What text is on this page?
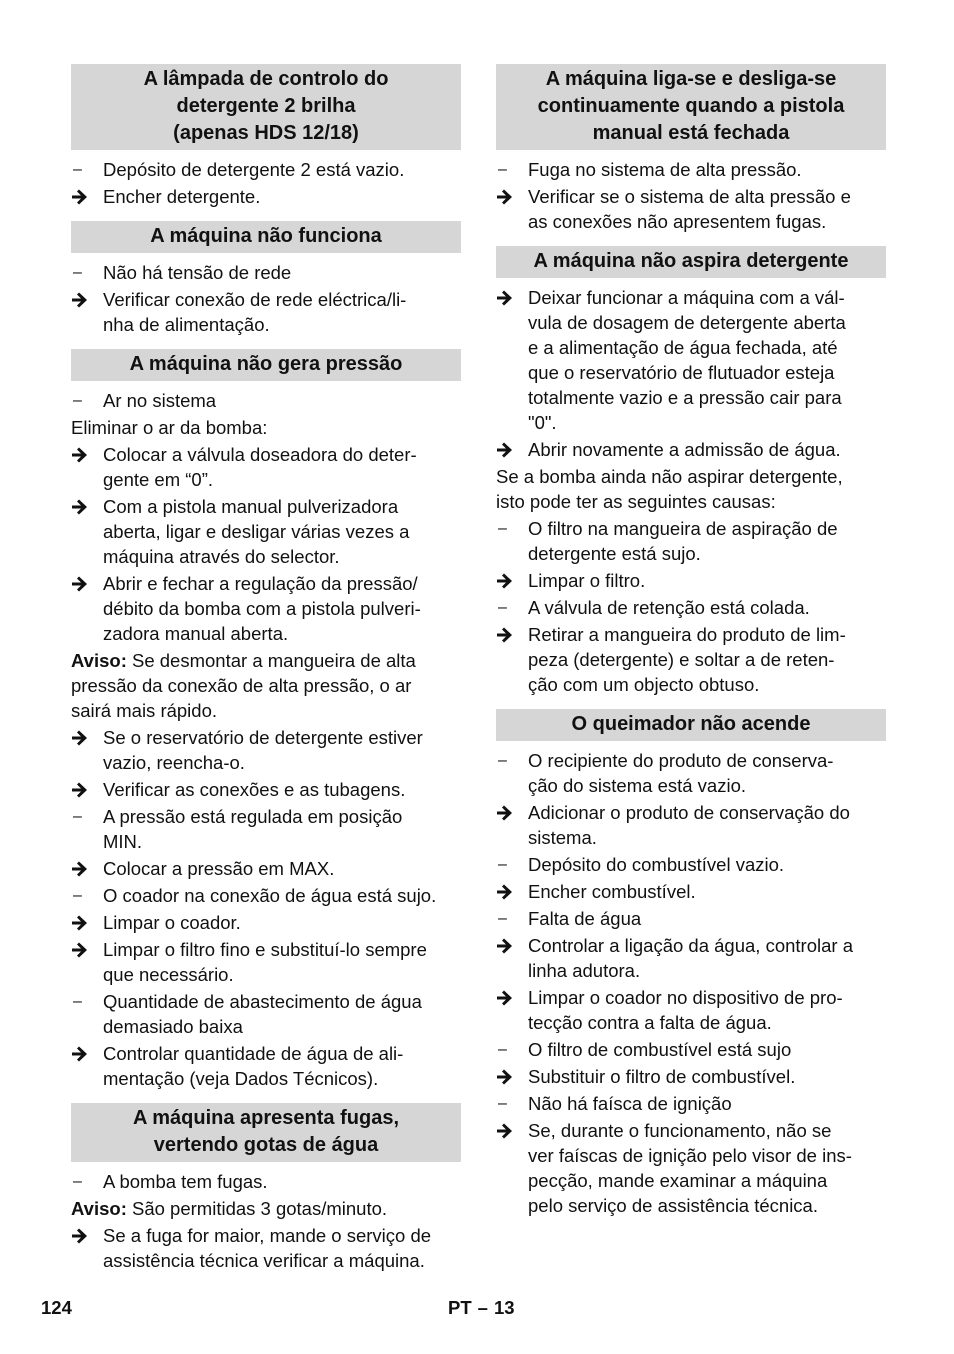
A lâmpada de controlo do
detergente 2 brilha
(apenas HDS 12/18)
–	Depósito de detergente 2 está vazio.
Encher detergente.
A máquina não funciona
–	Não há tensão de rede
Verificar conexão de rede eléctrica/li-
nha de alimentação.
A máquina não gera pressão
–	Ar no sistema
Eliminar o ar da bomba:
Colocar a válvula doseadora do deter-
gente em “0”.
Com a pistola manual pulverizadora
aberta, ligar e desligar várias vezes a
máquina através do selector.
Abrir e fechar a regulação da pressão/
débito da bomba com a pistola pulveri-
zadora manual aberta.
Aviso: Se desmontar a mangueira de alta
pressão da conexão de alta pressão, o ar
sairá mais rápido.
Se o reservatório de detergente estiver
vazio, reencha-o.
Verificar as conexões e as tubagens.
–	A pressão está regulada em posição
MIN.
Colocar a pressão em MAX.
–	O coador na conexão de água está sujo.
Limpar o coador.
Limpar o filtro fino e substituí-lo sempre
que necessário.
–	Quantidade de abastecimento de água
demasiado baixa
Controlar quantidade de água de ali-
mentação (veja Dados Técnicos).
A máquina apresenta fugas,
vertendo gotas de água
–	A bomba tem fugas.
Aviso: São permitidas 3 gotas/minuto.
Se a fuga for maior, mande o serviço de
assistência técnica verificar a máquina.
A máquina liga-se e desliga-se
continuamente quando a pistola
manual está fechada
–	Fuga no sistema de alta pressão.
Verificar se o sistema de alta pressão e
as conexões não apresentem fugas.
A máquina não aspira detergente
Deixar funcionar a máquina com a vál-
vula de dosagem de detergente aberta
e a alimentação de água fechada, até
que o reservatório de flutuador esteja
totalmente vazio e a pressão cair para
"0".
Abrir novamente a admissão de água.
Se a bomba ainda não aspirar detergente,
isto pode ter as seguintes causas:
–	O filtro na mangueira de aspiração de
detergente está sujo.
Limpar o filtro.
–	A válvula de retenção está colada.
Retirar a mangueira do produto de lim-
peza (detergente) e soltar a de reten-
ção com um objecto obtuso.
O queimador não acende
–	O recipiente do produto de conserva-
ção do sistema está vazio.
Adicionar o produto de conservação do
sistema.
–	Depósito do combustível vazio.
Encher combustível.
–	Falta de água
Controlar a ligação da água, controlar a
linha adutora.
Limpar o coador no dispositivo de pro-
tecção contra a falta de água.
–	O filtro de combustível está sujo
Substituir o filtro de combustível.
–	Não há faísca de ignição
Se, durante o funcionamento, não se
ver faíscas de ignição pelo visor de ins-
pecção, mande examinar a máquina
pelo serviço de assistência técnica.
124	PT – 13
